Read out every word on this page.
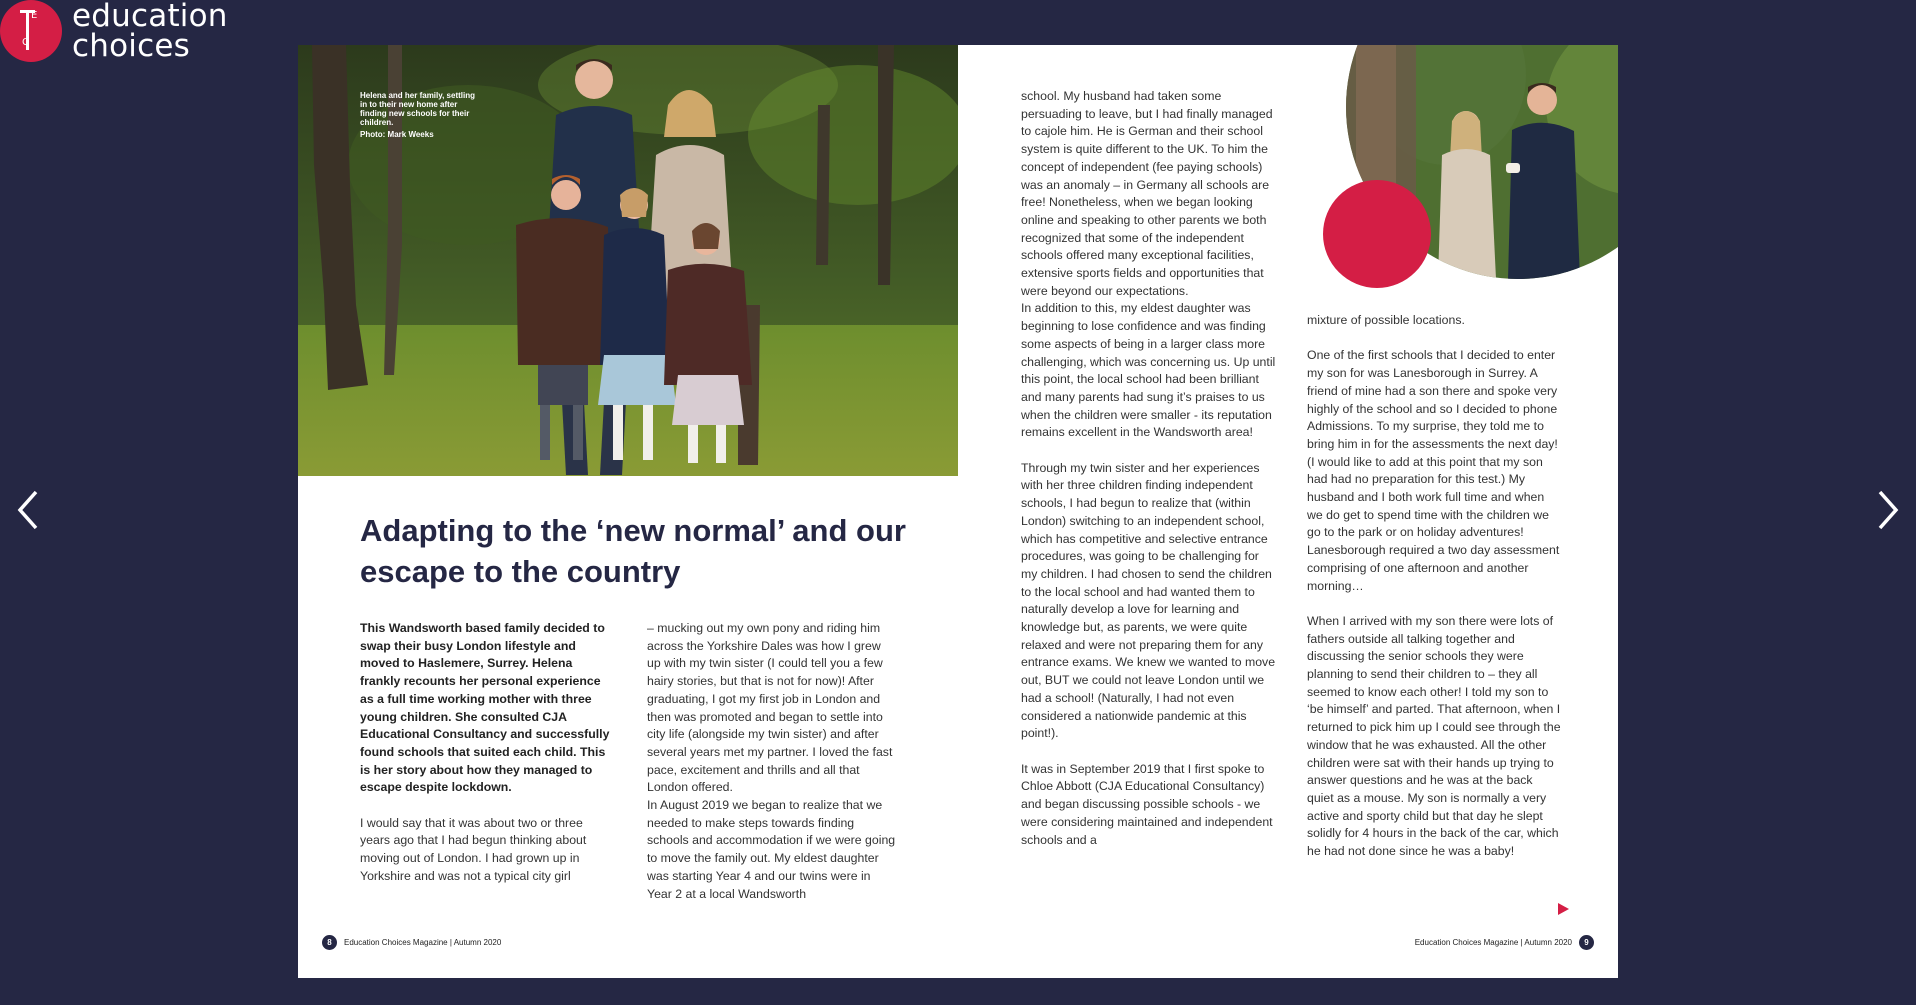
E
C
education
choices
Helena and her family, settling in to their new home after finding new schools for their children.
Photo: Mark Weeks
Adapting to the ‘new normal’ and our escape to the country

This Wandsworth based family decided to swap their busy London lifestyle and moved to Haslemere, Surrey. Helena frankly recounts her personal experience as a full time working mother with three young children. She consulted CJA Educational Consultancy and successfully found schools that suited each child. This is her story about how they managed to escape despite lockdown.

I would say that it was about two or three years ago that I had begun thinking about moving out of London. I had grown up in Yorkshire and was not a typical city girl

– mucking out my own pony and riding him across the Yorkshire Dales was how I grew up with my twin sister (I could tell you a few hairy stories, but that is not for now)! After graduating, I got my first job in London and then was promoted and began to settle into city life (alongside my twin sister) and after several years met my partner. I loved the fast pace, excitement and thrills and all that London offered.

In August 2019 we began to realize that we needed to make steps towards finding schools and accommodation if we were going to move the family out. My eldest daughter was starting Year 4 and our twins were in Year 2 at a local Wandsworth

school. My husband had taken some persuading to leave, but I had finally managed to cajole him. He is German and their school system is quite different to the UK. To him the concept of independent (fee paying schools) was an anomaly – in Germany all schools are free! Nonetheless, when we began looking online and speaking to other parents we both recognized that some of the independent schools offered many exceptional facilities, extensive sports fields and opportunities that were beyond our expectations.

In addition to this, my eldest daughter was beginning to lose confidence and was finding some aspects of being in a larger class more challenging, which was concerning us. Up until this point, the local school had been brilliant and many parents had sung it’s praises to us when the children were smaller - its reputation remains excellent in the Wandsworth area!

Through my twin sister and her experiences with her three children finding independent schools, I had begun to realize that (within London) switching to an independent school, which has competitive and selective entrance procedures, was going to be challenging for my children. I had chosen to send the children to the local school and had wanted them to naturally develop a love for learning and knowledge but, as parents, we were quite relaxed and were not preparing them for any entrance exams. We knew we wanted to move out, BUT we could not leave London until we had a school! (Naturally, I had not even considered a nationwide pandemic at this point!).

It was in September 2019 that I first spoke to Chloe Abbott (CJA Educational Consultancy) and began discussing possible schools - we were considering maintained and independent schools and a

mixture of possible locations.

One of the first schools that I decided to enter my son for was Lanesborough in Surrey. A friend of mine had a son there and spoke very highly of the school and so I decided to phone Admissions. To my surprise, they told me to bring him in for the assessments the next day! (I would like to add at this point that my son had had no preparation for this test.) My husband and I both work full time and when we do get to spend time with the children we go to the park or on holiday adventures! Lanesborough required a two day assessment comprising of one afternoon and another morning…

When I arrived with my son there were lots of fathers outside all talking together and discussing the senior schools they were planning to send their children to – they all seemed to know each other! I told my son to ‘be himself’ and parted. That afternoon, when I returned to pick him up I could see through the window that he was exhausted. All the other children were sat with their hands up trying to answer questions and he was at the back quiet as a mouse. My son is normally a very active and sporty child but that day he slept solidly for 4 hours in the back of the car, which he had not done since he was a baby!

8	Education Choices Magazine | Autumn 2020	Education Choices Magazine | Autumn 2020	9
